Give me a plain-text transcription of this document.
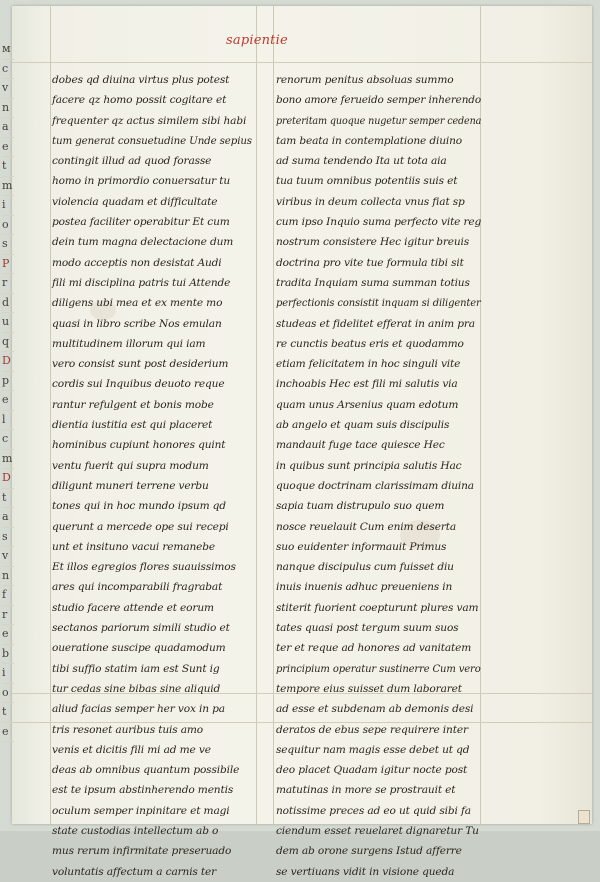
ᴍ
c
v
n
a
e
t
m
i
o
s
P
r
d
u
q
D
p
e
l
c
m
D
t
a
s
v
n
f
r
e
b
i
o
t
e
sapientie
dobes qd diuina virtus plus potest
facere qz homo possit cogitare et
frequenter qz actus similem sibi habi
tum generat consuetudine Unde sepius
contingit illud ad quod forasse
homo in primordio conuersatur tu
violencia quadam et difficultate
postea faciliter operabitur Et cum
dein tum magna delectacione dum
modo acceptis non desistat Audi
fili mi disciplina patris tui Attende
diligens ubi mea et ex mente mo
quasi in libro scribe Nos emulan
multitudinem illorum qui iam
vero consist sunt post desiderium
cordis sui Inquibus deuoto reque
rantur refulgent et bonis mobe
dientia iustitia est qui placeret
hominibus cupiunt honores quint
ventu fuerit qui supra modum
diligunt muneri terrene verbu
tones qui in hoc mundo ipsum qd
querunt a mercede ope sui recepi
unt et insituno vacui remanebe
Et illos egregios flores suauissimos
ares qui incomparabili fragrabat
studio facere attende et eorum
sectanos pariorum simili studio et
oueratione suscipe quadamodum
tibi suffio statim iam est Sunt ig
tur cedas sine bibas sine aliquid
aliud facias semper her vox in pa
tris resonet auribus tuis amo
venis et dicitis fili mi ad me ve
deas ab omnibus quantum possibile
est te ipsum abstinherendo mentis
oculum semper inpinitare et magi
state custodias intellectum ab o
mus rerum infirmitate preseruado
voluntatis affectum a carnis ter
renorum penitus absoluas summo
bono amore ferueido semper inherendo
preteritam quoque nugetur semper cedena
tam beata in contemplatione diuino
ad suma tendendo Ita ut tota aia
tua tuum omnibus potentiis suis et
viribus in deum collecta vnus fiat sp
cum ipso Inquio suma perfecto vite reg
nostrum consistere Hec igitur breuis
doctrina pro vite tue formula tibi sit
tradita Inquiam suma summan totius
perfectionis consistit inquam si diligenter
studeas et fidelitet efferat in anim pra
re cunctis beatus eris et quodammo
etiam felicitatem in hoc singuli vite
inchoabis Hec est fili mi salutis via
quam unus Arsenius quam edotum
ab angelo et quam suis discipulis
mandauit fuge tace quiesce Hec
in quibus sunt principia salutis Hac
quoque doctrinam clarissimam diuina
sapia tuam distrupulo suo quem
nosce reuelauit Cum enim deserta
suo euidenter informauit Primus
nanque discipulus cum fuisset diu
inuis inuenis adhuc preueniens in
stiterit fuorient coepturunt plures vam
tates quasi post tergum suum suos
ter et reque ad honores ad vanitatem
principium operatur sustinerre Cum vero
tempore eius suisset dum laboraret
ad esse et subdenam ab demonis desi
deratos de ebus sepe requirere inter
sequitur nam magis esse debet ut qd
deo placet Quadam igitur nocte post
matutinas in more se prostrauit et
notissime preces ad eo ut quid sibi fa
ciendum esset reuelaret dignaretur Tu
dem ab orone surgens Istud afferre
se vertiuans vidit in visione queda
